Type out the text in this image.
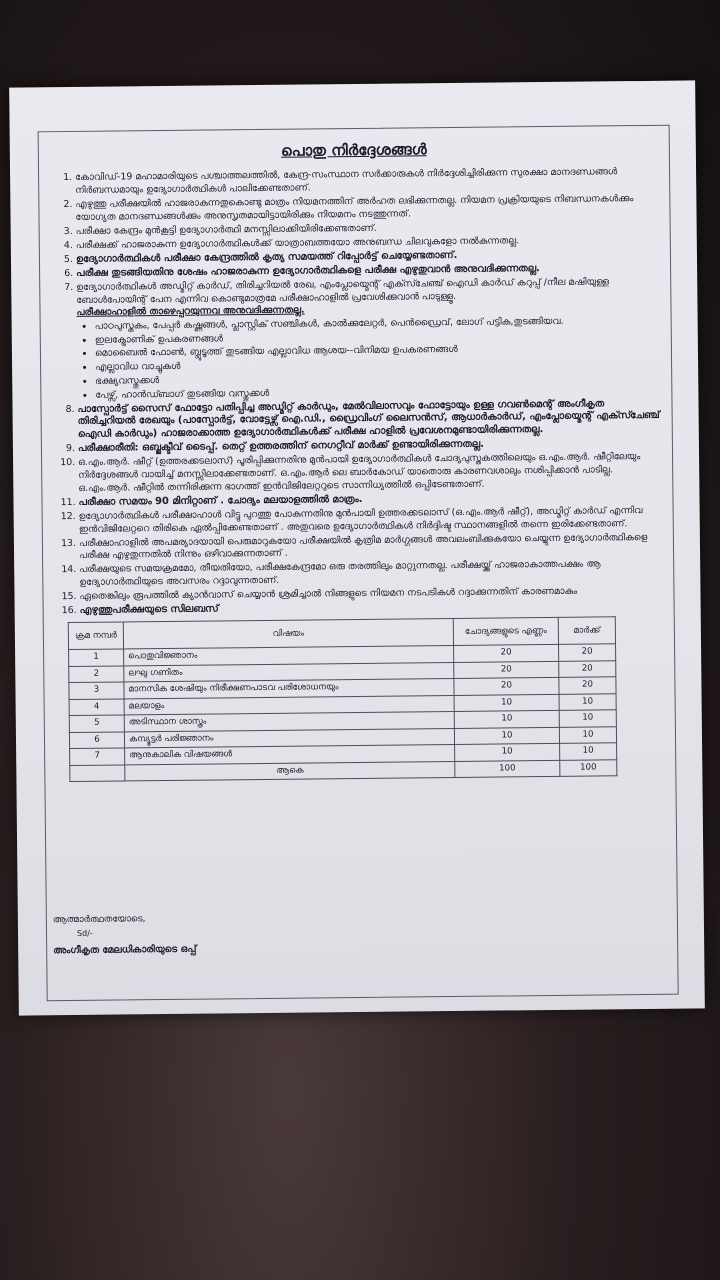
പൊതു നിർദ്ദേശങ്ങൾ
1. കോവിഡ്-19 മഹാമാരിയുടെ പശ്ചാത്തലത്തിൽ, കേന്ദ്ര-സംസ്ഥാന സർക്കാരുകൾ നിർദ്ദേശിച്ചിരിക്കുന്ന സുരക്ഷാ മാനദണ്ഡങ്ങൾ നിർബന്ധമായും ഉദ്യോഗാർത്ഥികൾ പാലിക്കേണ്ടതാണ്.
2. എഴുത്തു പരീക്ഷയിൽ ഹാജരാകുന്നതുകൊണ്ടു മാത്രം നിയമനത്തിന് അർഹത ലഭിക്കുന്നതല്ല. നിയമന പ്രക്രിയയുടെ നിബന്ധനകൾക്കും യോഗ്യത മാനദണ്ഡങ്ങൾക്കും അനുസൃതമായിട്ടായിരിക്കും നിയമനം നടത്തുന്നത്.
3. പരീക്ഷാ കേന്ദ്രം മുൻകൂട്ടി ഉദ്യോഗാർത്ഥി മനസ്സിലാക്കിയിരിക്കേണ്ടതാണ്.
4. പരീക്ഷക്ക് ഹാജരാകുന്ന ഉദ്യോഗാർത്ഥികൾക്ക് യാത്രാബത്തയോ അനുബന്ധ ചിലവുകളോ നൽകുന്നതല്ല.
5. ഉദ്യോഗാർത്ഥികൾ പരീക്ഷാ കേന്ദ്രത്തിൽ കൃത്യ സമയത്ത് റിപ്പോർട്ട് ചെയ്യേണ്ടതാണ്.
6. പരീക്ഷ തുടങ്ങിയതിനു ശേഷം ഹാജരാകുന്ന ഉദ്യോഗാർത്ഥികളെ പരീക്ഷ എഴുതുവാൻ അനുവദിക്കുന്നതല്ല.
7. ഉദ്യോഗാർത്ഥികൾ അഡ്മിറ്റ് കാർഡ്, തിരിച്ചറിയൽ രേഖ, എംപ്ലോയ്മെന്റ് എക്സ്ചേഞ്ച് ഐഡി കാർഡ് കറുപ്പ് /നീല മഷിയുള്ള ബോൾപോയിന്റ് പേന എന്നിവ കൊണ്ടുമാത്രമേ പരീക്ഷാഹാളിൽ പ്രവേശിക്കുവാൻ പാടുള്ളൂ.
പരീക്ഷാഹാളിൽ താഴെപ്പറയുന്നവ അനുവദിക്കുന്നതല്ല.
• പാഠപുസ്തകം, പേപ്പർ കഷ്ണങ്ങൾ, പ്ലാസ്റ്റിക് സഞ്ചികൾ, കാൽക്കുലേറ്റർ, പെൻഡ്രൈവ്, ലോഗ് പട്ടിക,തുടങ്ങിയവ.
• ഇലക്ട്രോണിക് ഉപകരണങ്ങൾ
• മൊബൈൽ ഫോൺ, ബ്ലൂടൂത്ത് തുടങ്ങിയ എല്ലാവിധ ആശയ--വിനിമയ ഉപകരണങ്ങൾ
• എല്ലാവിധ വാച്ചുകൾ
• ഭക്ഷ്യവസ്തുക്കൾ
• പേഴ്സ്, ഹാൻഡ്ബാഗ് തുടങ്ങിയ വസ്തുക്കൾ
8. പാസ്പോർട്ട് സൈസ് ഫോട്ടോ പതിപ്പിച്ച അഡ്മിറ്റ് കാർഡും, മേൽവിലാസവും ഫോട്ടോയും ഉള്ള ഗവൺമെന്റ് അംഗീകൃത തിരിച്ചറിയൽ രേഖയും (പാസ്പോർട്ട്, വോട്ടേഴ്സ് ഐ.ഡി., ഡ്രൈവിംഗ് ലൈസൻസ്, ആധാർകാർഡ്, എംപ്ലോയ്മെന്റ് എക്സ്ചേഞ്ച് ഐഡി കാർഡും) ഹാജരാക്കാത്ത ഉദ്യോഗാർത്ഥികൾക്ക് പരീക്ഷ ഹാളിൽ പ്രവേശനമുണ്ടായിരിക്കുന്നതല്ല.
9. പരീക്ഷാരീതി: ഒബ്ജക്ടീവ് ടൈപ്പ്. തെറ്റ് ഉത്തരത്തിന് നെഗറ്റീവ് മാർക്ക് ഉണ്ടായിരിക്കുന്നതല്ല.
10. ഒ.എം.ആർ. ഷീറ്റ് (ഉത്തരക്കടലാസ്) പൂരിപ്പിക്കുന്നതിനു മുൻപായി ഉദ്യോഗാർത്ഥികൾ ചോദ്യപുസ്തകത്തിലെയും ഒ.എം.ആർ. ഷീറ്റിലേയും നിർദ്ദേശങ്ങൾ വായിച്ച് മനസ്സിലാക്കേണ്ടതാണ്. ഒ.എം.ആർ ലെ ബാർകോഡ് യാതൊരു കാരണവശാലും നശിപ്പിക്കാൻ പാടില്ല. ഒ.എം.ആർ. ഷീറ്റിൽ തന്നിരിക്കുന്ന ഭാഗത്ത് ഇൻവിജിലേറ്ററുടെ സാന്നിധ്യത്തിൽ ഒപ്പിടേണ്ടതാണ്.
11. പരീക്ഷാ സമയം 90 മിനിറ്റാണ് . ചോദ്യം മലയാളത്തിൽ മാത്രം.
12. ഉദ്യോഗാർത്ഥികൾ പരീക്ഷാഹാൾ വിട്ടു പുറത്തു പോകുന്നതിനു മുൻപായി ഉത്തരക്കടലാസ് (ഒ.എം.ആർ ഷീറ്റ്), അഡ്മിറ്റ് കാർഡ് എന്നിവ ഇൻവിജിലേറ്ററെ തിരികെ ഏൽപ്പിക്കേണ്ടതാണ് . അതുവരെ ഉദ്യോഗാർത്ഥികൾ നിർദ്ദിഷ്ട സ്ഥാനങ്ങളിൽ തന്നെ ഇരിക്കേണ്ടതാണ്.
13. പരീക്ഷാഹാളിൽ അപമര്യാദയായി പെരുമാറുകയോ പരീക്ഷയിൽ കൃത്രിമ മാർഗ്ഗങ്ങൾ അവലംബിക്കുകയോ ചെയ്യുന്ന ഉദ്യോഗാർത്ഥികളെ പരീക്ഷ എഴുതുന്നതിൽ നിന്നും ഒഴിവാക്കുന്നതാണ് .
14. പരീക്ഷയുടെ സമയക്രമമോ, തീയതിയോ, പരീക്ഷകേന്ദ്രമോ ഒരു തരത്തിലും മാറ്റുന്നതല്ല. പരീക്ഷയ്ക്ക് ഹാജരാകാത്തപക്ഷം ആ ഉദ്യോഗാർത്ഥിയുടെ അവസരം റദ്ദാവുന്നതാണ്.
15. ഏതെങ്കിലും രൂപത്തിൽ ക്യാൻവാസ് ചെയ്യാൻ ശ്രമിച്ചാൽ നിങ്ങളുടെ നിയമന നടപടികൾ റദ്ദാക്കുന്നതിന് കാരണമാകും
16. എഴുത്തുപരീക്ഷയുടെ സിലബസ്
ക്രമ നമ്പർ	വിഷയം	ചോദ്യങ്ങളുടെ എണ്ണം	മാർക്ക്
1	പൊതുവിജ്ഞാനം	20	20
2	ലഘു ഗണിതം	20	20
3	മാനസിക ശേഷിയും നിരീക്ഷണപാടവ പരിശോധനയും	20	20
4	മലയാളം	10	10
5	അടിസ്ഥാന ശാസ്ത്രം	10	10
6	കമ്പ്യൂട്ടർ പരിജ്ഞാനം	10	10
7	ആനുകാലിക വിഷയങ്ങൾ	10	10
	ആകെ	100	100
ആത്മാർത്ഥതയോടെ,
Sd/-
അംഗീകൃത മേലധികാരിയുടെ ഒപ്പ്
